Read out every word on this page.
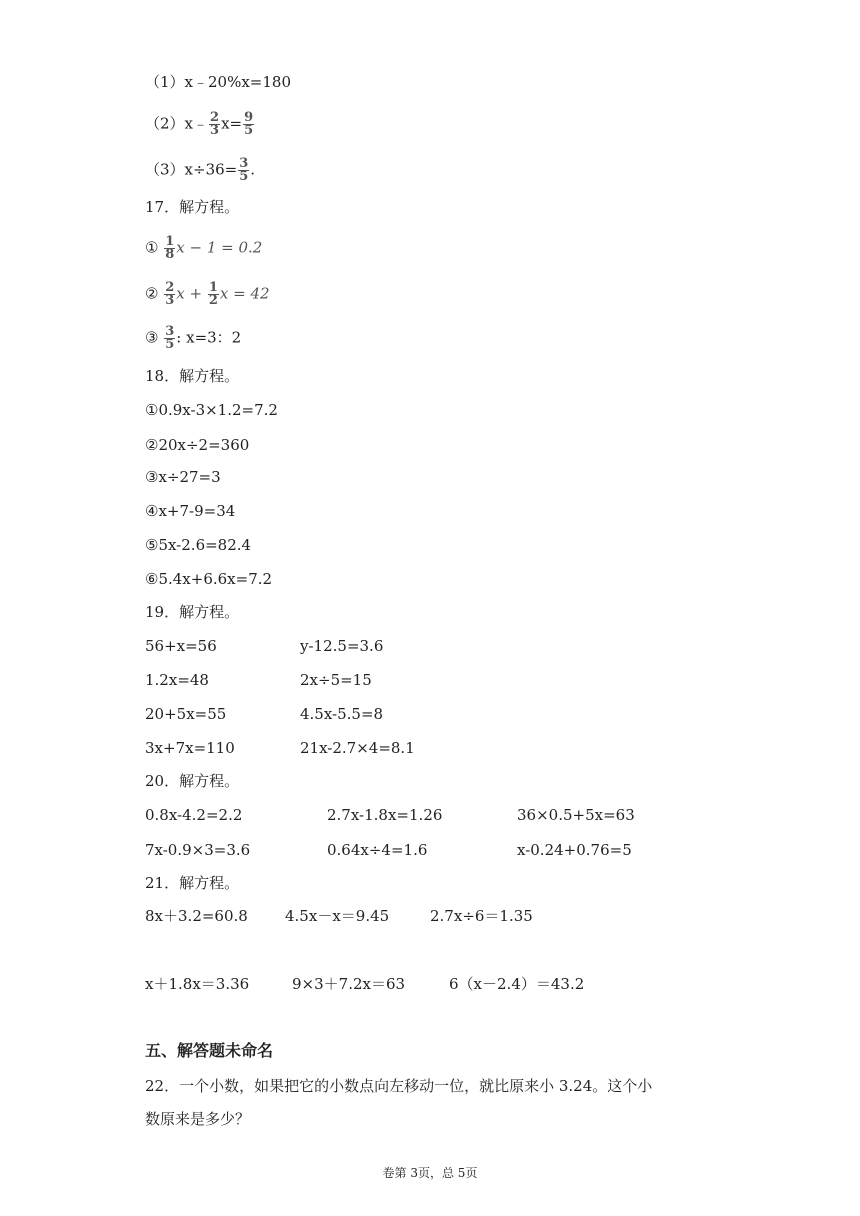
（1）x﹣20%x=180
（2）x﹣ $\frac{2}{3} x= \frac{9}{5}$
$(3)x\div 36= \frac{3}{5}$ .
17．解方程。
① $\frac{1}{8}$ x − 1 = 0.2
② $\frac{2}{3}$ $x + \frac{1}{2}$ x = 42
③ $\frac{3}{5}$ : x=3：2
18．解方程。
①0.9x-3×1.2=7.2
②20x÷2=360
③x÷27=3
④x+7-9=34
⑤5x-2.6=82.4
⑥5.4x+6.6x=7.2
19．解方程。
56+x=56	y-12.5=3.6
1.2x=48	2x÷5=15
20+5x=55	4.5x-5.5=8
3x+7x=110	21x-2.7×4=8.1
20．解方程。
0.8x-4.2=2.2	2.7x-1.8x=1.26	36×0.5+5x=63
7x-0.9×3=3.6	0.64x÷4=1.6	x-0.24+0.76=5
21．解方程。
8x＋3.2=60.8 4.5x－x＝9.45	2.7x÷6＝1.35
x＋1.8x＝3.36	9×3＋7.2x＝63	6（x－2.4）＝43.2
五、解答题未命名
22．一个小数，如果把它的小数点向左移动一位，就比原来小 3.24。这个小
数原来是多少？
卷第 3页，总 5页
